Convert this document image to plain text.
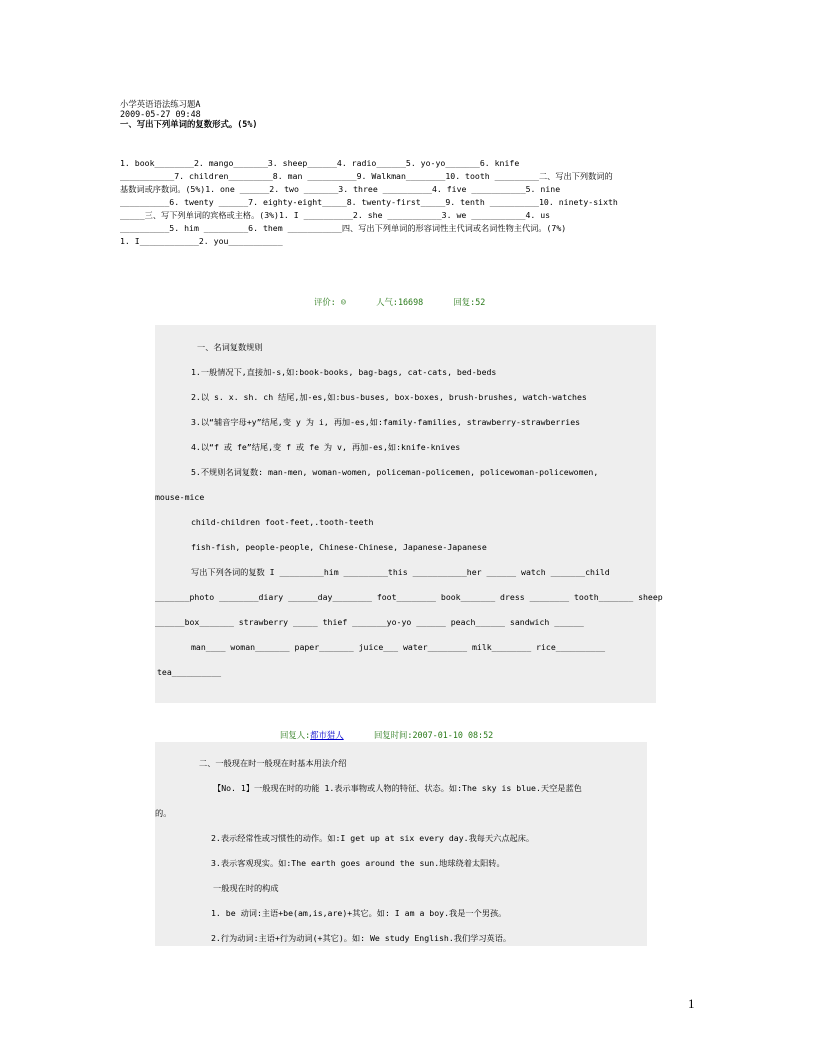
小学英语语法练习题A
2009-05-27 09:48
一、写出下列单词的复数形式。(5%)
1. book________2. mango_______3. sheep______4. radio______5. yo-yo_______6. knife
___________7. children_________8. man __________9. Walkman________10. tooth _________二、写出下列数词的
基数词或序数词。(5%)1. one ______2. two _______3. three __________4. five ___________5. nine
__________6. twenty ______7. eighty-eight_____8. twenty-first_____9. tenth __________10. ninety-sixth
_____三、写下列单词的宾格或主格。(3%)1. I __________2. she ___________3. we ___________4. us
__________5. him _________6. them ___________四、写出下列单词的形容词性主代词或名词性物主代词。(7%)
1. I____________2. you___________
评价: ☺	人气:16698	回复:52
一、名词复数规则
1.一般情况下,直接加-s,如:book-books, bag-bags, cat-cats, bed-beds
2.以 s. x. sh. ch 结尾,加-es,如:bus-buses, box-boxes, brush-brushes, watch-watches
3.以“辅音字母+y”结尾,变 y 为 i, 再加-es,如:family-families, strawberry-strawberries
4.以“f 或 fe”结尾,变 f 或 fe 为 v, 再加-es,如:knife-knives
5.不规则名词复数: man-men, woman-women, policeman-policemen, policewoman-policewomen,
mouse-mice
child-children foot-feet,.tooth-teeth
fish-fish, people-people, Chinese-Chinese, Japanese-Japanese
写出下列各词的复数 I _________him _________this ___________her ______ watch _______child
_______photo ________diary ______day________ foot________ book_______ dress ________ tooth_______ sheep
______box_______ strawberry _____ thief _______yo-yo ______ peach______ sandwich ______
man____ woman_______ paper_______ juice___ water________ milk________ rice__________
tea__________
回复人:都市猎人	回复时间:2007-01-10 08:52
二、一般现在时一般现在时基本用法介绍
【No. 1】一般现在时的功能 1.表示事物或人物的特征、状态。如:The sky is blue.天空是蓝色
的。
2.表示经常性或习惯性的动作。如:I get up at six every day.我每天六点起床。
3.表示客观现实。如:The earth goes around the sun.地球绕着太阳转。
一般现在时的构成
1. be 动词:主语+be(am,is,are)+其它。如: I am a boy.我是一个男孩。
2.行为动词:主语+行为动词(+其它)。如: We study English.我们学习英语。
1
